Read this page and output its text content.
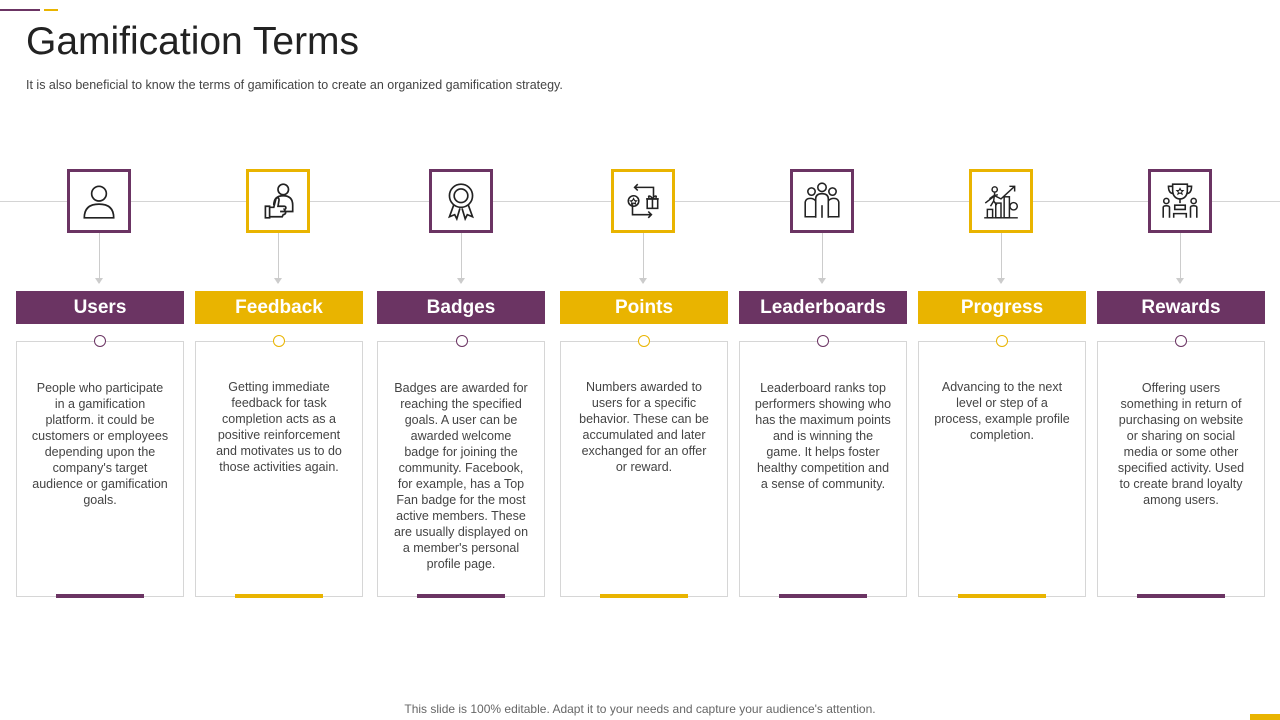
Gamification Terms
It is also beneficial to know the terms of gamification to create an organized gamification strategy.
Users
People who participate in a gamification platform. it could be customers or employees depending upon the company's target audience or gamification goals.
Feedback
Getting immediate feedback for task completion acts as a positive reinforcement and motivates us to do those activities again.
Badges
Badges are awarded for reaching the specified goals. A user can be awarded welcome badge for joining the community. Facebook, for example, has a Top Fan badge for the most active members. These are usually displayed on a member's personal profile page.
Points
Numbers awarded to users for a specific behavior. These can be accumulated and later exchanged for an offer or reward.
Leaderboards
Leaderboard ranks top performers showing who has the maximum points and is winning the game. It helps foster healthy competition and a sense of community.
Progress
Advancing to the next level or step of a process, example profile completion.
Rewards
Offering users something in return of purchasing on website or sharing on social media or some other specified activity. Used to create brand loyalty among users.
This slide is 100% editable. Adapt it to your needs and capture your audience's attention.
